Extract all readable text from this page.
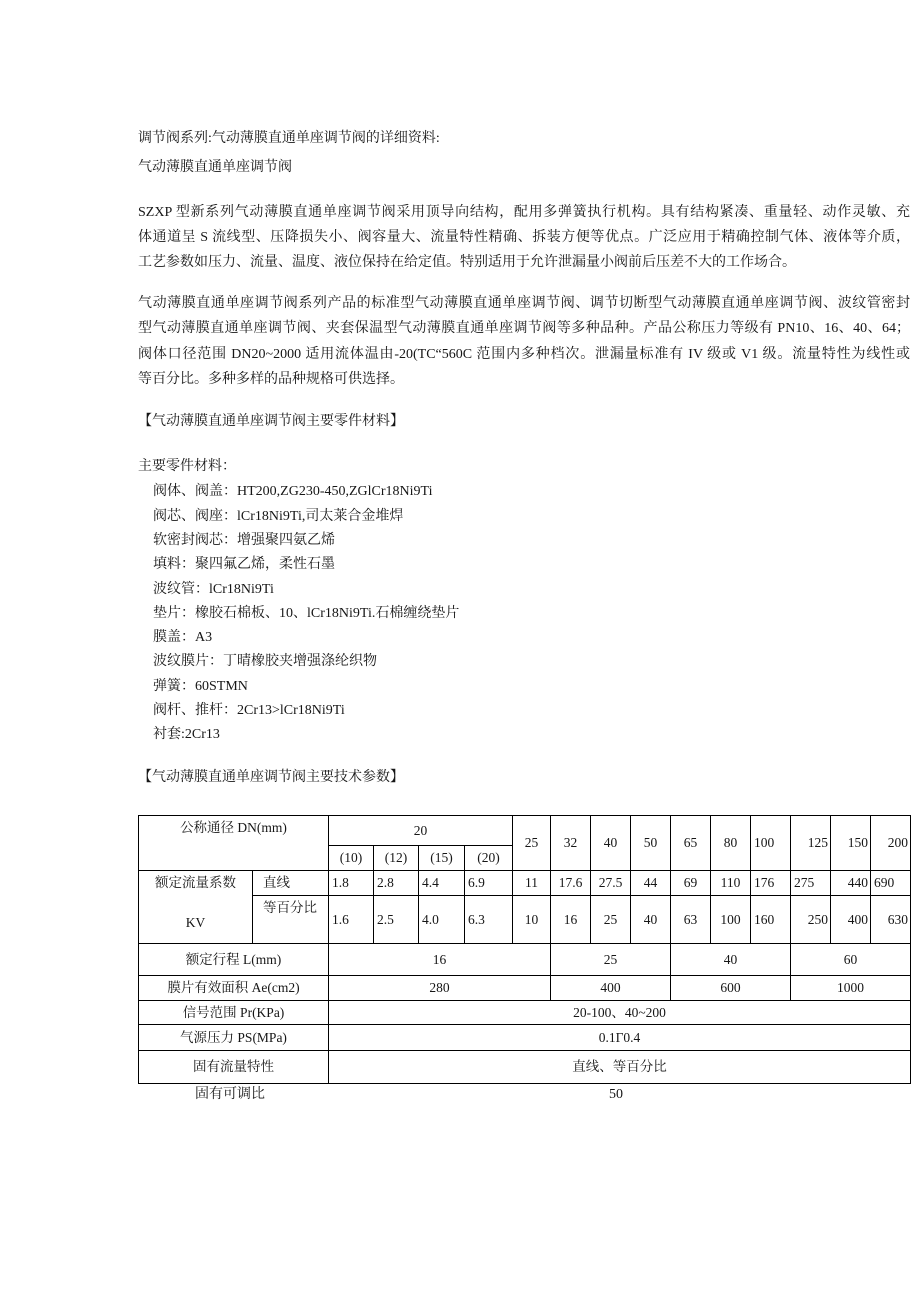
调节阀系列:气动薄膜直通单座调节阀的详细资料:
气动薄膜直通单座调节阀
SZXP 型新系列气动薄膜直通单座调节阀采用顶导向结构，配用多弹簧执行机构。具有结构紧凑、重量轻、动作灵敏、充
体通道呈 S 流线型、压降损失小、阀容量大、流量特性精确、拆装方便等优点。广泛应用于精确控制气体、液体等介质，
工艺参数如压力、流量、温度、液位保持在给定值。特别适用于允许泄漏量小阀前后压差不大的工作场合。
气动薄膜直通单座调节阀系列产品的标准型气动薄膜直通单座调节阀、调节切断型气动薄膜直通单座调节阀、波纹管密封
型气动薄膜直通单座调节阀、夹套保温型气动薄膜直通单座调节阀等多种品种。产品公称压力等级有 PN10、16、40、64；
阀体口径范围 DN20~2000 适用流体温由-20(TC“560C 范围内多种档次。泄漏量标准有 IV 级或 V1 级。流量特性为线性或
等百分比。多种多样的品种规格可供选择。
【气动薄膜直通单座调节阀主要零件材料】
主要零件材料：
阀体、阀盖：HT200,ZG230-450,ZGlCr18Ni9Ti
阀芯、阀座：lCr18Ni9Ti,司太莱合金堆焊
软密封阀芯：增强聚四氨乙烯
填料：聚四氟乙烯，柔性石墨
波纹管：lCr18Ni9Ti
垫片：橡胶石棉板、10、lCr18Ni9Ti.石棉缠绕垫片
膜盖：A3
波纹膜片：丁晴橡胶夹增强涤纶织物
弹簧：60STMN
阀杆、推杆：2Cr13>lCr18Ni9Ti
衬套:2Cr13
【气动薄膜直通单座调节阀主要技术参数】
公称通径 DN(mm)		20				25	32	40	50	65	80	100	125	150	200
		(10)	(12)	(15)	(20)										

额定流量系数
KV	直线	1.8	2.8	4.4	6.9	11	17.6	27.5	44	69	110	176	275	440	690
	等百分比	1.6	2.5	4.0	6.3	10	16	25	40	63	100	160	250	400	630
额定行程 L(mm)		16					25			40			60		
膜片有效面积 Ae(cm2)		280					400			600			1000		
信号范围 Pr(KPa)		20-100、40~200													
气源压力 PS(MPa)		0.1Γ0.4													
固有流量特性		直线、等百分比													
固有可调比	50
